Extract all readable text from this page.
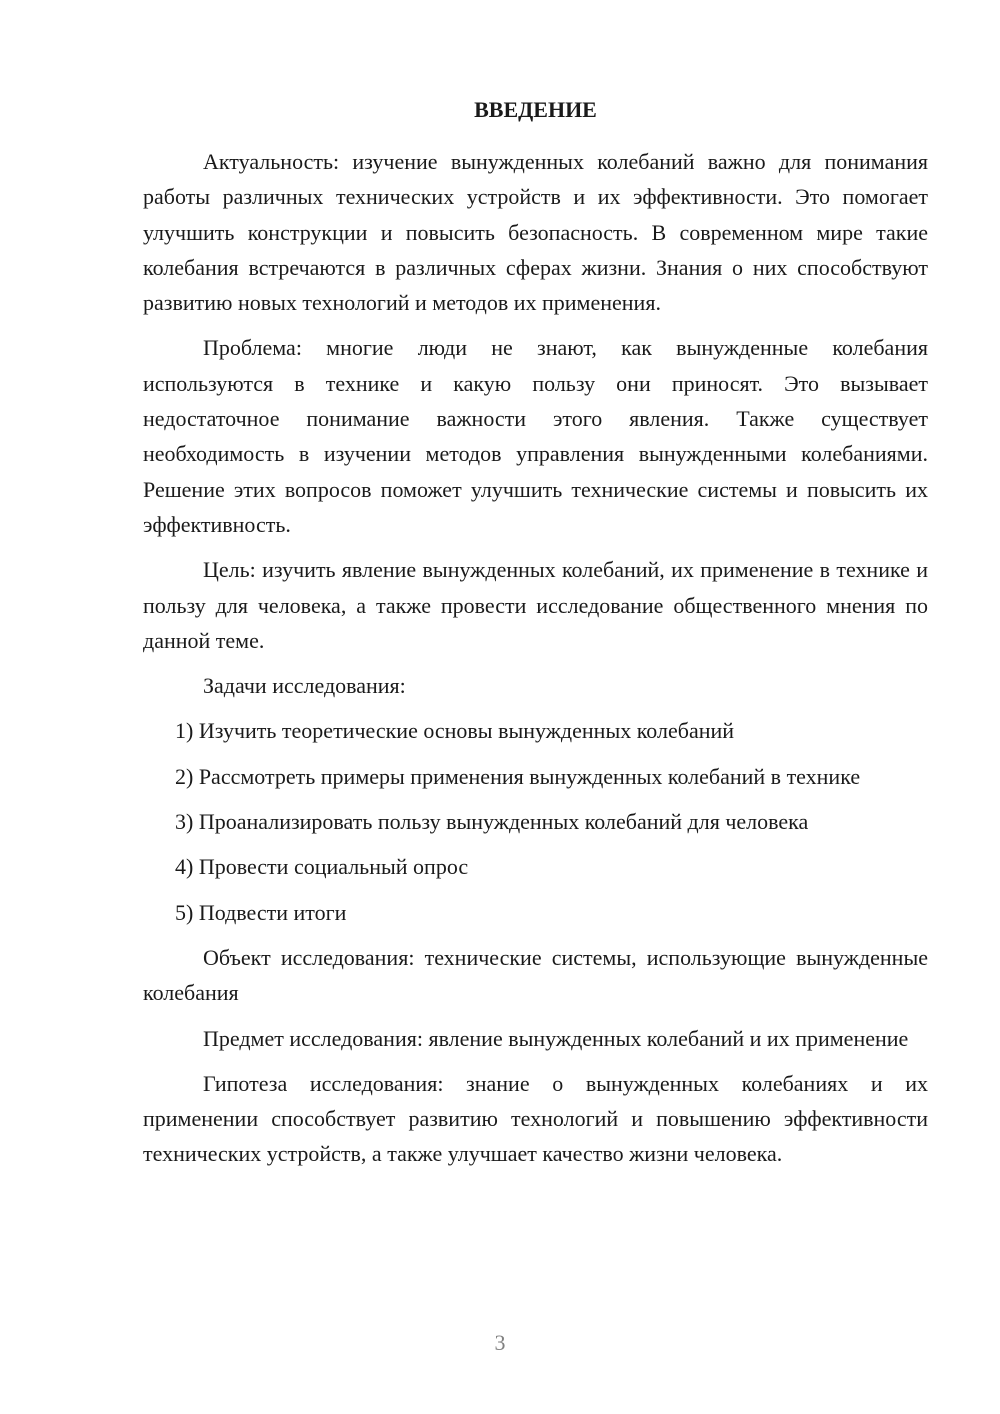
ВВЕДЕНИЕ

Актуальность: изучение вынужденных колебаний важно для понимания работы различных технических устройств и их эффективности. Это помогает улучшить конструкции и повысить безопасность. В современном мире такие колебания встречаются в различных сферах жизни. Знания о них способствуют развитию новых технологий и методов их применения.

Проблема: многие люди не знают, как вынужденные колебания используются в технике и какую пользу они приносят. Это вызывает недостаточное понимание важности этого явления. Также существует необходимость в изучении методов управления вынужденными колебаниями. Решение этих вопросов поможет улучшить технические системы и повысить их эффективность.

Цель: изучить явление вынужденных колебаний, их применение в технике и пользу для человека, а также провести исследование общественного мнения по данной теме.

Задачи исследования:

1) Изучить теоретические основы вынужденных колебаний

2) Рассмотреть примеры применения вынужденных колебаний в технике

3) Проанализировать пользу вынужденных колебаний для человека

4) Провести социальный опрос

5) Подвести итоги

Объект исследования: технические системы, использующие вынужденные колебания

Предмет исследования: явление вынужденных колебаний и их применение

Гипотеза исследования: знание о вынужденных колебаниях и их применении способствует развитию технологий и повышению эффективности технических устройств, а также улучшает качество жизни человека.

3
